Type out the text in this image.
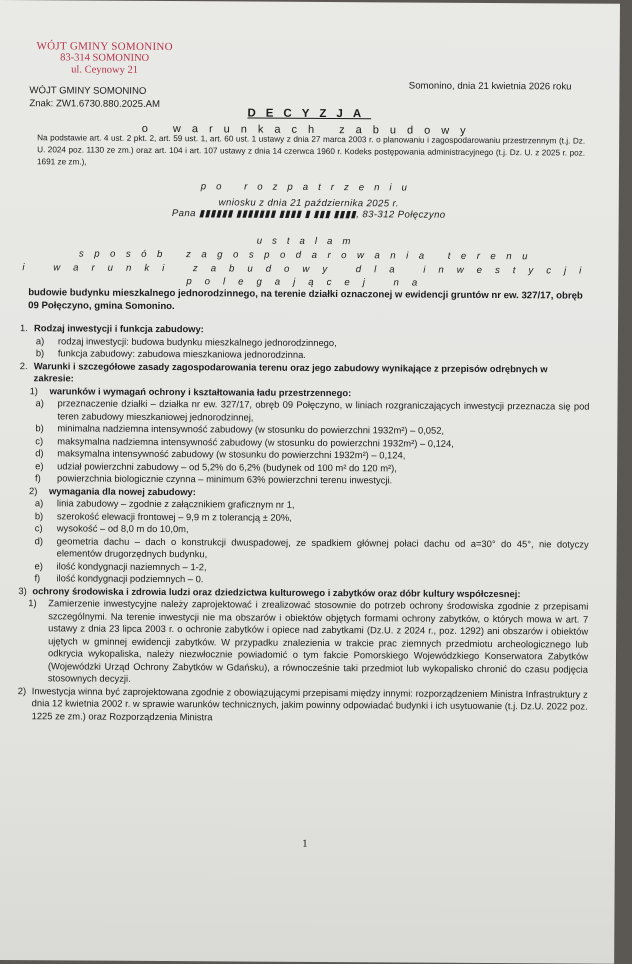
WÓJT GMINY SOMONINO
83-314 SOMONINO
ul. Ceynowy 21
Somonino, dnia 21 kwietnia 2026 roku
WÓJT GMINY SOMONINO
Znak: ZW1.6730.880.2025.AM
DECYZJA
o warunkach zabudowy
Na podstawie art. 4 ust. 2 pkt. 2, art. 59 ust. 1, art. 60 ust. 1 ustawy z dnia 27 marca 2003 r. o planowaniu i zagospodarowaniu przestrzennym (t.j. Dz. U. 2024 poz. 1130 ze zm.) oraz art. 104 i art. 107 ustawy z dnia 14 czerwca 1960 r. Kodeks postępowania administracyjnego (t.j. Dz. U. z 2025 r. poz. 1691 ze zm.),
po rozpatrzeniu
wniosku z dnia 21 października 2025 r.
Pana ▮▮▮▮▮▮ ▮▮▮▮▮▮▮ ▮▮▮▮ ▮ ▮▮▮ ▮▮▮▮, 83-312 Połęczyno
ustalam
sposób zagospodarowania terenu
i warunki zabudowy dla inwestycji
polegającej na
budowie budynku mieszkalnego jednorodzinnego, na terenie działki oznaczonej w ewidencji gruntów nr ew. 327/17, obręb 09 Połęczyno, gmina Somonino.
1. Rodzaj inwestycji i funkcja zabudowy:
a)	rodzaj inwestycji: budowa budynku mieszkalnego jednorodzinnego,
b)	funkcja zabudowy: zabudowa mieszkaniowa jednorodzinna.
2. Warunki i szczegółowe zasady zagospodarowania terenu oraz jego zabudowy wynikające z przepisów odrębnych w zakresie:
1)	warunków i wymagań ochrony i kształtowania ładu przestrzennego:
a)	przeznaczenie działki – działka nr ew. 327/17, obręb 09 Połęczyno, w liniach rozgraniczających inwestycji przeznacza się pod teren zabudowy mieszkaniowej jednorodzinnej,
b)	minimalna nadziemna intensywność zabudowy (w stosunku do powierzchni 1932m²) – 0,052,
c)	maksymalna nadziemna intensywność zabudowy (w stosunku do powierzchni 1932m²) – 0,124,
d)	maksymalna intensywność zabudowy (w stosunku do powierzchni 1932m²) – 0,124,
e)	udział powierzchni zabudowy – od 5,2% do 6,2% (budynek od 100 m² do 120 m²),
f)	powierzchnia biologicznie czynna – minimum 63% powierzchni terenu inwestycji.
2)	wymagania dla nowej zabudowy:
a)	linia zabudowy – zgodnie z załącznikiem graficznym nr 1,
b)	szerokość elewacji frontowej – 9,9 m z tolerancją ± 20%,
c)	wysokość – od 8,0 m do 10,0m,
d)	geometria dachu – dach o konstrukcji dwuspadowej, ze spadkiem głównej połaci dachu od a=30° do 45°, nie dotyczy elementów drugorzędnych budynku,
e)	ilość kondygnacji naziemnych – 1-2,
f)	ilość kondygnacji podziemnych – 0.
3) ochrony środowiska i zdrowia ludzi oraz dziedzictwa kulturowego i zabytków oraz dóbr kultury współczesnej:
1)	Zamierzenie inwestycyjne należy zaprojektować i zrealizować stosownie do potrzeb ochrony środowiska zgodnie z przepisami szczególnymi. Na terenie inwestycji nie ma obszarów i obiektów objętych formami ochrony zabytków, o których mowa w art. 7 ustawy z dnia 23 lipca 2003 r. o ochronie zabytków i opiece nad zabytkami (Dz.U. z 2024 r., poz. 1292) ani obszarów i obiektów ujętych w gminnej ewidencji zabytków. W przypadku znalezienia w trakcie prac ziemnych przedmiotu archeologicznego lub odkrycia wykopaliska, należy niezwłocznie powiadomić o tym fakcie Pomorskiego Wojewódzkiego Konserwatora Zabytków (Wojewódzki Urząd Ochrony Zabytków w Gdańsku), a równocześnie taki przedmiot lub wykopalisko chronić do czasu podjęcia stosownych decyzji.
2) Inwestycja winna być zaprojektowana zgodnie z obowiązującymi przepisami między innymi: rozporządzeniem Ministra Infrastruktury z dnia 12 kwietnia 2002 r. w sprawie warunków technicznych, jakim powinny odpowiadać budynki i ich usytuowanie (t.j. Dz.U. 2022 poz. 1225 ze zm.) oraz Rozporządzenia Ministra
1
